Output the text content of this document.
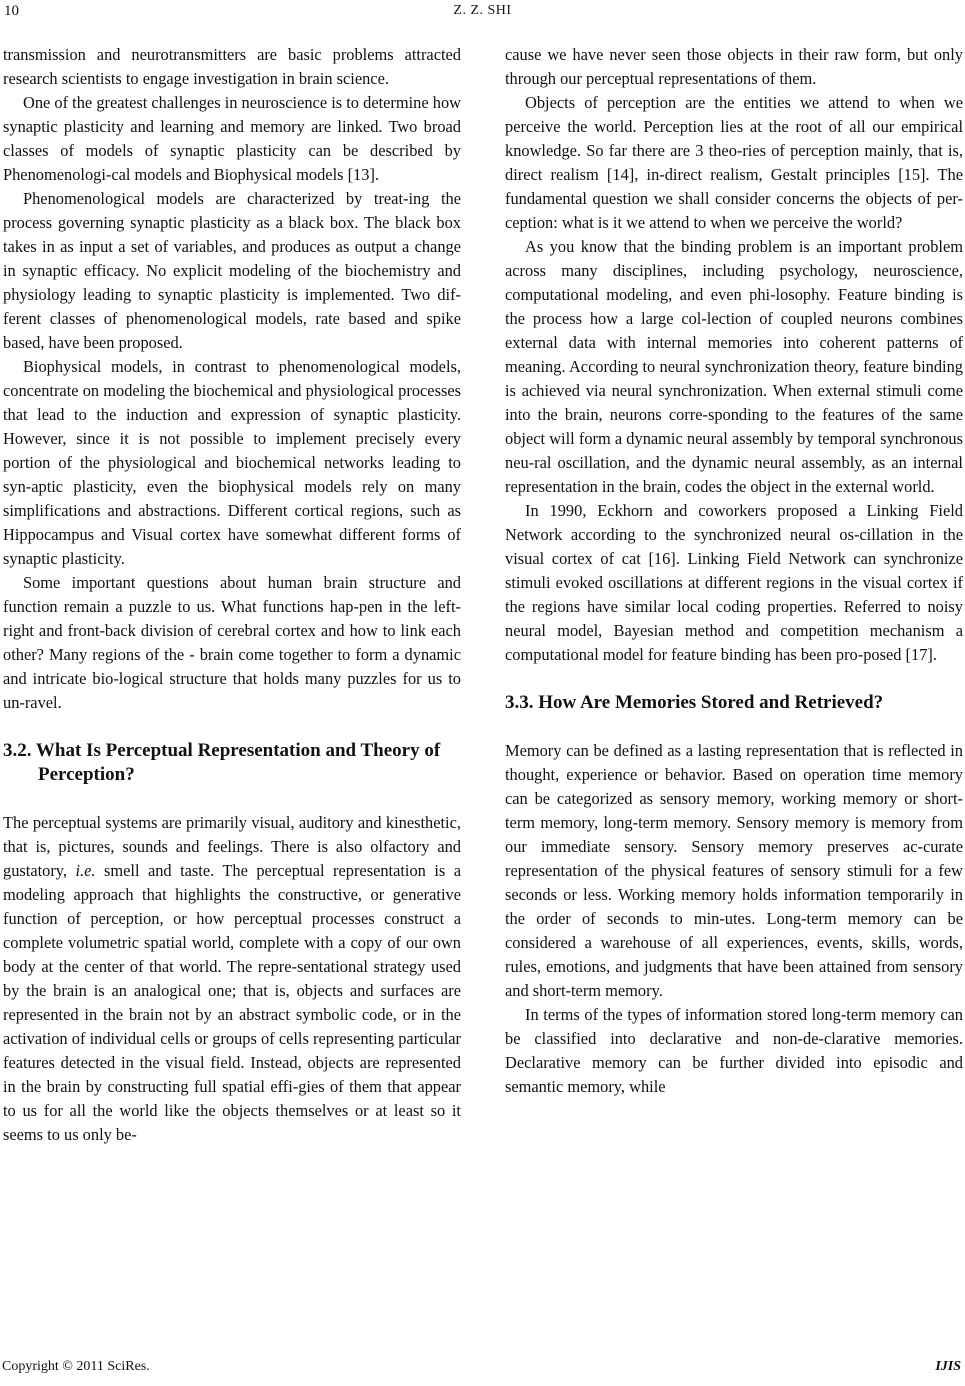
10	Z. Z. SHI

transmission and neurotransmitters are basic problems attracted research scientists to engage investigation in brain science.

One of the greatest challenges in neuroscience is to determine how synaptic plasticity and learning and memory are linked. Two broad classes of models of synaptic plasticity can be described by Phenomenologi-cal models and Biophysical models [13].

Phenomenological models are characterized by treat-ing the process governing synaptic plasticity as a black box. The black box takes in as input a set of variables, and produces as output a change in synaptic efficacy. No explicit modeling of the biochemistry and physiology leading to synaptic plasticity is implemented. Two dif-ferent classes of phenomenological models, rate based and spike based, have been proposed.

Biophysical models, in contrast to phenomenological models, concentrate on modeling the biochemical and physiological processes that lead to the induction and expression of synaptic plasticity. However, since it is not possible to implement precisely every portion of the physiological and biochemical networks leading to syn-aptic plasticity, even the biophysical models rely on many simplifications and abstractions. Different cortical regions, such as Hippocampus and Visual cortex have somewhat different forms of synaptic plasticity.

Some important questions about human brain structure and function remain a puzzle to us. What functions hap-pen in the left-right and front-back division of cerebral cortex and how to link each other? Many regions of the - brain come together to form a dynamic and intricate bio-logical structure that holds many puzzles for us to un-ravel.

3.2. What Is Perceptual Representation and Theory of Perception?

The perceptual systems are primarily visual, auditory and kinesthetic, that is, pictures, sounds and feelings. There is also olfactory and gustatory, i.e. smell and taste. The perceptual representation is a modeling approach that highlights the constructive, or generative function of perception, or how perceptual processes construct a complete volumetric spatial world, complete with a copy of our own body at the center of that world. The repre-sentational strategy used by the brain is an analogical one; that is, objects and surfaces are represented in the brain not by an abstract symbolic code, or in the activation of individual cells or groups of cells representing particular features detected in the visual field. Instead, objects are represented in the brain by constructing full spatial effi-gies of them that appear to us for all the world like the objects themselves or at least so it seems to us only be-

cause we have never seen those objects in their raw form, but only through our perceptual representations of them.

Objects of perception are the entities we attend to when we perceive the world. Perception lies at the root of all our empirical knowledge. So far there are 3 theo-ries of perception mainly, that is, direct realism [14], in-direct realism, Gestalt principles [15]. The fundamental question we shall consider concerns the objects of per-ception: what is it we attend to when we perceive the world?

As you know that the binding problem is an important problem across many disciplines, including psychology, neuroscience, computational modeling, and even phi-losophy. Feature binding is the process how a large col-lection of coupled neurons combines external data with internal memories into coherent patterns of meaning. According to neural synchronization theory, feature binding is achieved via neural synchronization. When external stimuli come into the brain, neurons corre-sponding to the features of the same object will form a dynamic neural assembly by temporal synchronous neu-ral oscillation, and the dynamic neural assembly, as an internal representation in the brain, codes the object in the external world.

In 1990, Eckhorn and coworkers proposed a Linking Field Network according to the synchronized neural os-cillation in the visual cortex of cat [16]. Linking Field Network can synchronize stimuli evoked oscillations at different regions in the visual cortex if the regions have similar local coding properties. Referred to noisy neural model, Bayesian method and competition mechanism a computational model for feature binding has been pro-posed [17].

3.3. How Are Memories Stored and Retrieved?

Memory can be defined as a lasting representation that is reflected in thought, experience or behavior. Based on operation time memory can be categorized as sensory memory, working memory or short-term memory, long-term memory. Sensory memory is memory from our immediate sensory. Sensory memory preserves ac-curate representation of the physical features of sensory stimuli for a few seconds or less. Working memory holds information temporarily in the order of seconds to min-utes. Long-term memory can be considered a warehouse of all experiences, events, skills, words, rules, emotions, and judgments that have been attained from sensory and short-term memory.

In terms of the types of information stored long-term memory can be classified into declarative and non-de-clarative memories. Declarative memory can be further divided into episodic and semantic memory, while

Copyright © 2011 SciRes.	IJIS
